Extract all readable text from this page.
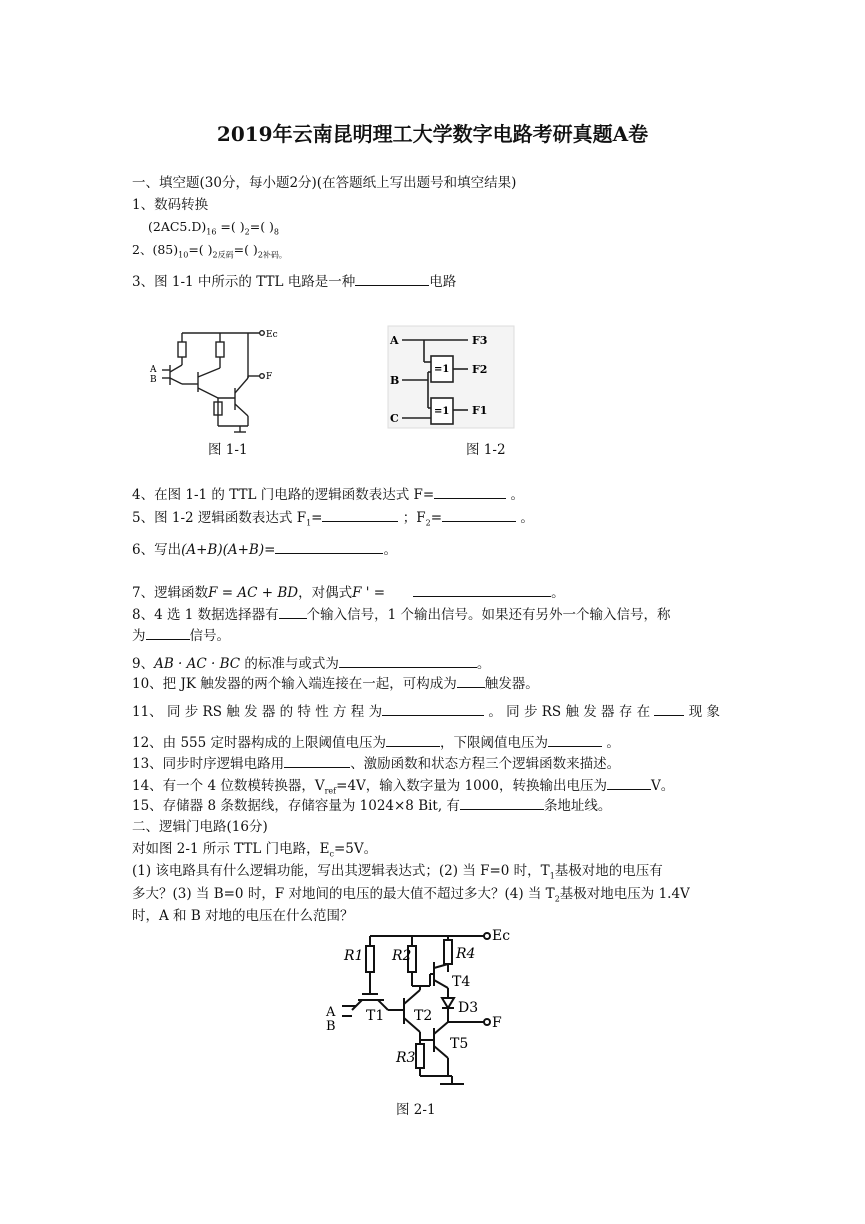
2019年云南昆明理工大学数字电路考研真题A卷
一、填空题(30分，每小题2分)(在答题纸上写出题号和填空结果)
1、数码转换
$(2AC5.D)_{16}$ =( )$_2=$( )$_8$
2、$(85)_{10}=$( )$_{2反码}=$( )$_{2补码。}$
3、图 1-1 中所示的 TTL 电路是一种	电路
Ec
A
B	F
图 1-1
A
B
C
=1
=1
F3
F2
F1
图 1-2
4、在图 1-1 的 TTL 门电路的逻辑函数表达式 F=	。
5、图 1-2 逻辑函数表达式 $F_1=$	；$F_2=$	。
6、写出(A+B)(A+B)=	。
7、逻辑函数F = AC + BD，对偶式F ' =	。
8、4 选 1 数据选择器有 个输入信号，1 个输出信号。如果还有另外一个输入信号，称
为	信号。
9、AB · AC · BC 的标准与或式为	。
10、把 JK 触发器的两个输入端连接在一起，可构成为 触发器。
11、 同 步 RS 触 发 器 的 特 性 方 程 为	。 同 步 RS 触 发 器 存 在	现 象
12、由 555 定时器构成的上限阈值电压为	，下限阈值电压为	。
13、同步时序逻辑电路用	、激励函数和状态方程三个逻辑函数来描述。
14、有一个 4 位数模转换器，$V_{ref}=4V$，输入数字量为 1000，转换输出电压为	V。
15、存储器 8 条数据线，存储容量为 1024×8 Bit, 有	条地址线。
二、逻辑门电路(16分)
对如图 2-1 所示 TTL 门电路，$E_c=5V$。
(1) 该电路具有什么逻辑功能，写出其逻辑表达式；(2) 当 F=0 时，$T_1$基极对地的电压有
多大？(3) 当 B=0 时，F 对地间的电压的最大值不超过多大？(4) 当 $T_2$基极对地电压为 1.4V
时，A 和 B 对地的电压在什么范围？
Ec
R1 R2	R4
T4
D3
F
T1 T2
T5
R3
A
B
图 2-1
